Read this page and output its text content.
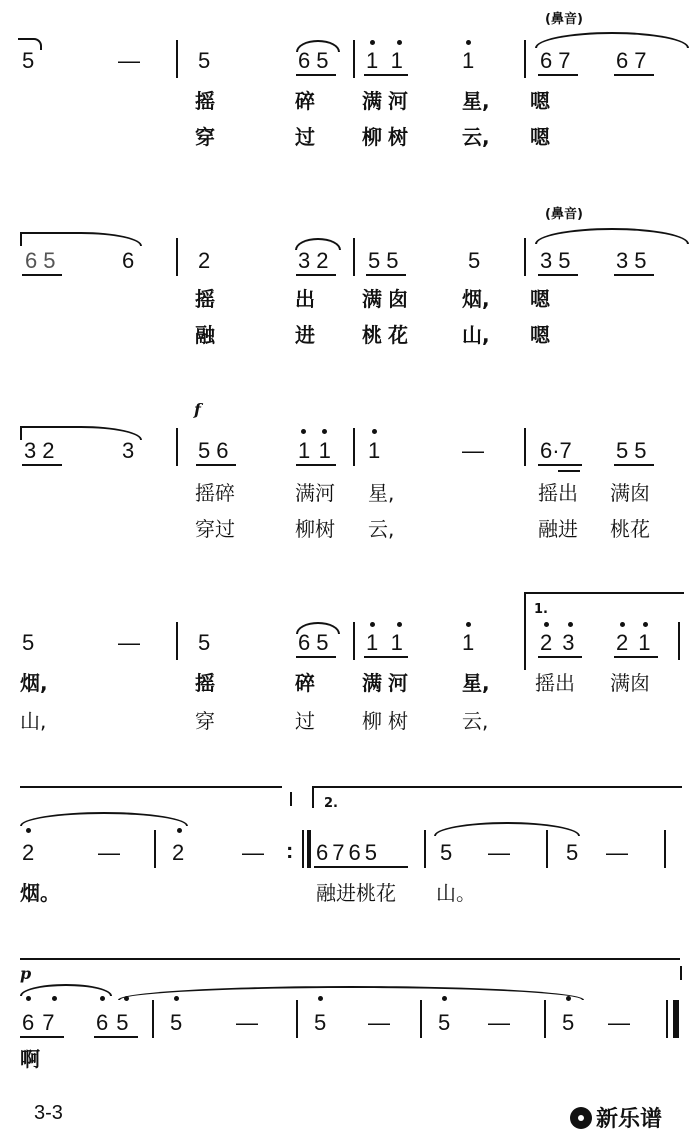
(鼻音)
5	—	5	65 11 1	67 67
摇	碎 满河 星, 嗯
穿	过 柳树 云, 嗯
(鼻音)
65	6	2	32 55	5	35 35
摇	出 满囱 烟, 嗯
融	进 桃花 山, 嗯
f
32	3	56	11 1	—	6·7 55
摇碎	满河 星,	摇出 满囱
穿过	柳树 云,	融进 桃花
1.
5	—	5	65 11 1	23 21
烟,	摇	碎 满河 星, 摇出 满囱
山,	穿	过 柳树 云,
2.
2	— 2	— : 6765	5 —	5 —
烟。	融进桃花 山。
p
67 65 5 —	5 — 5 — 5 —
啊
3-3	新乐谱
